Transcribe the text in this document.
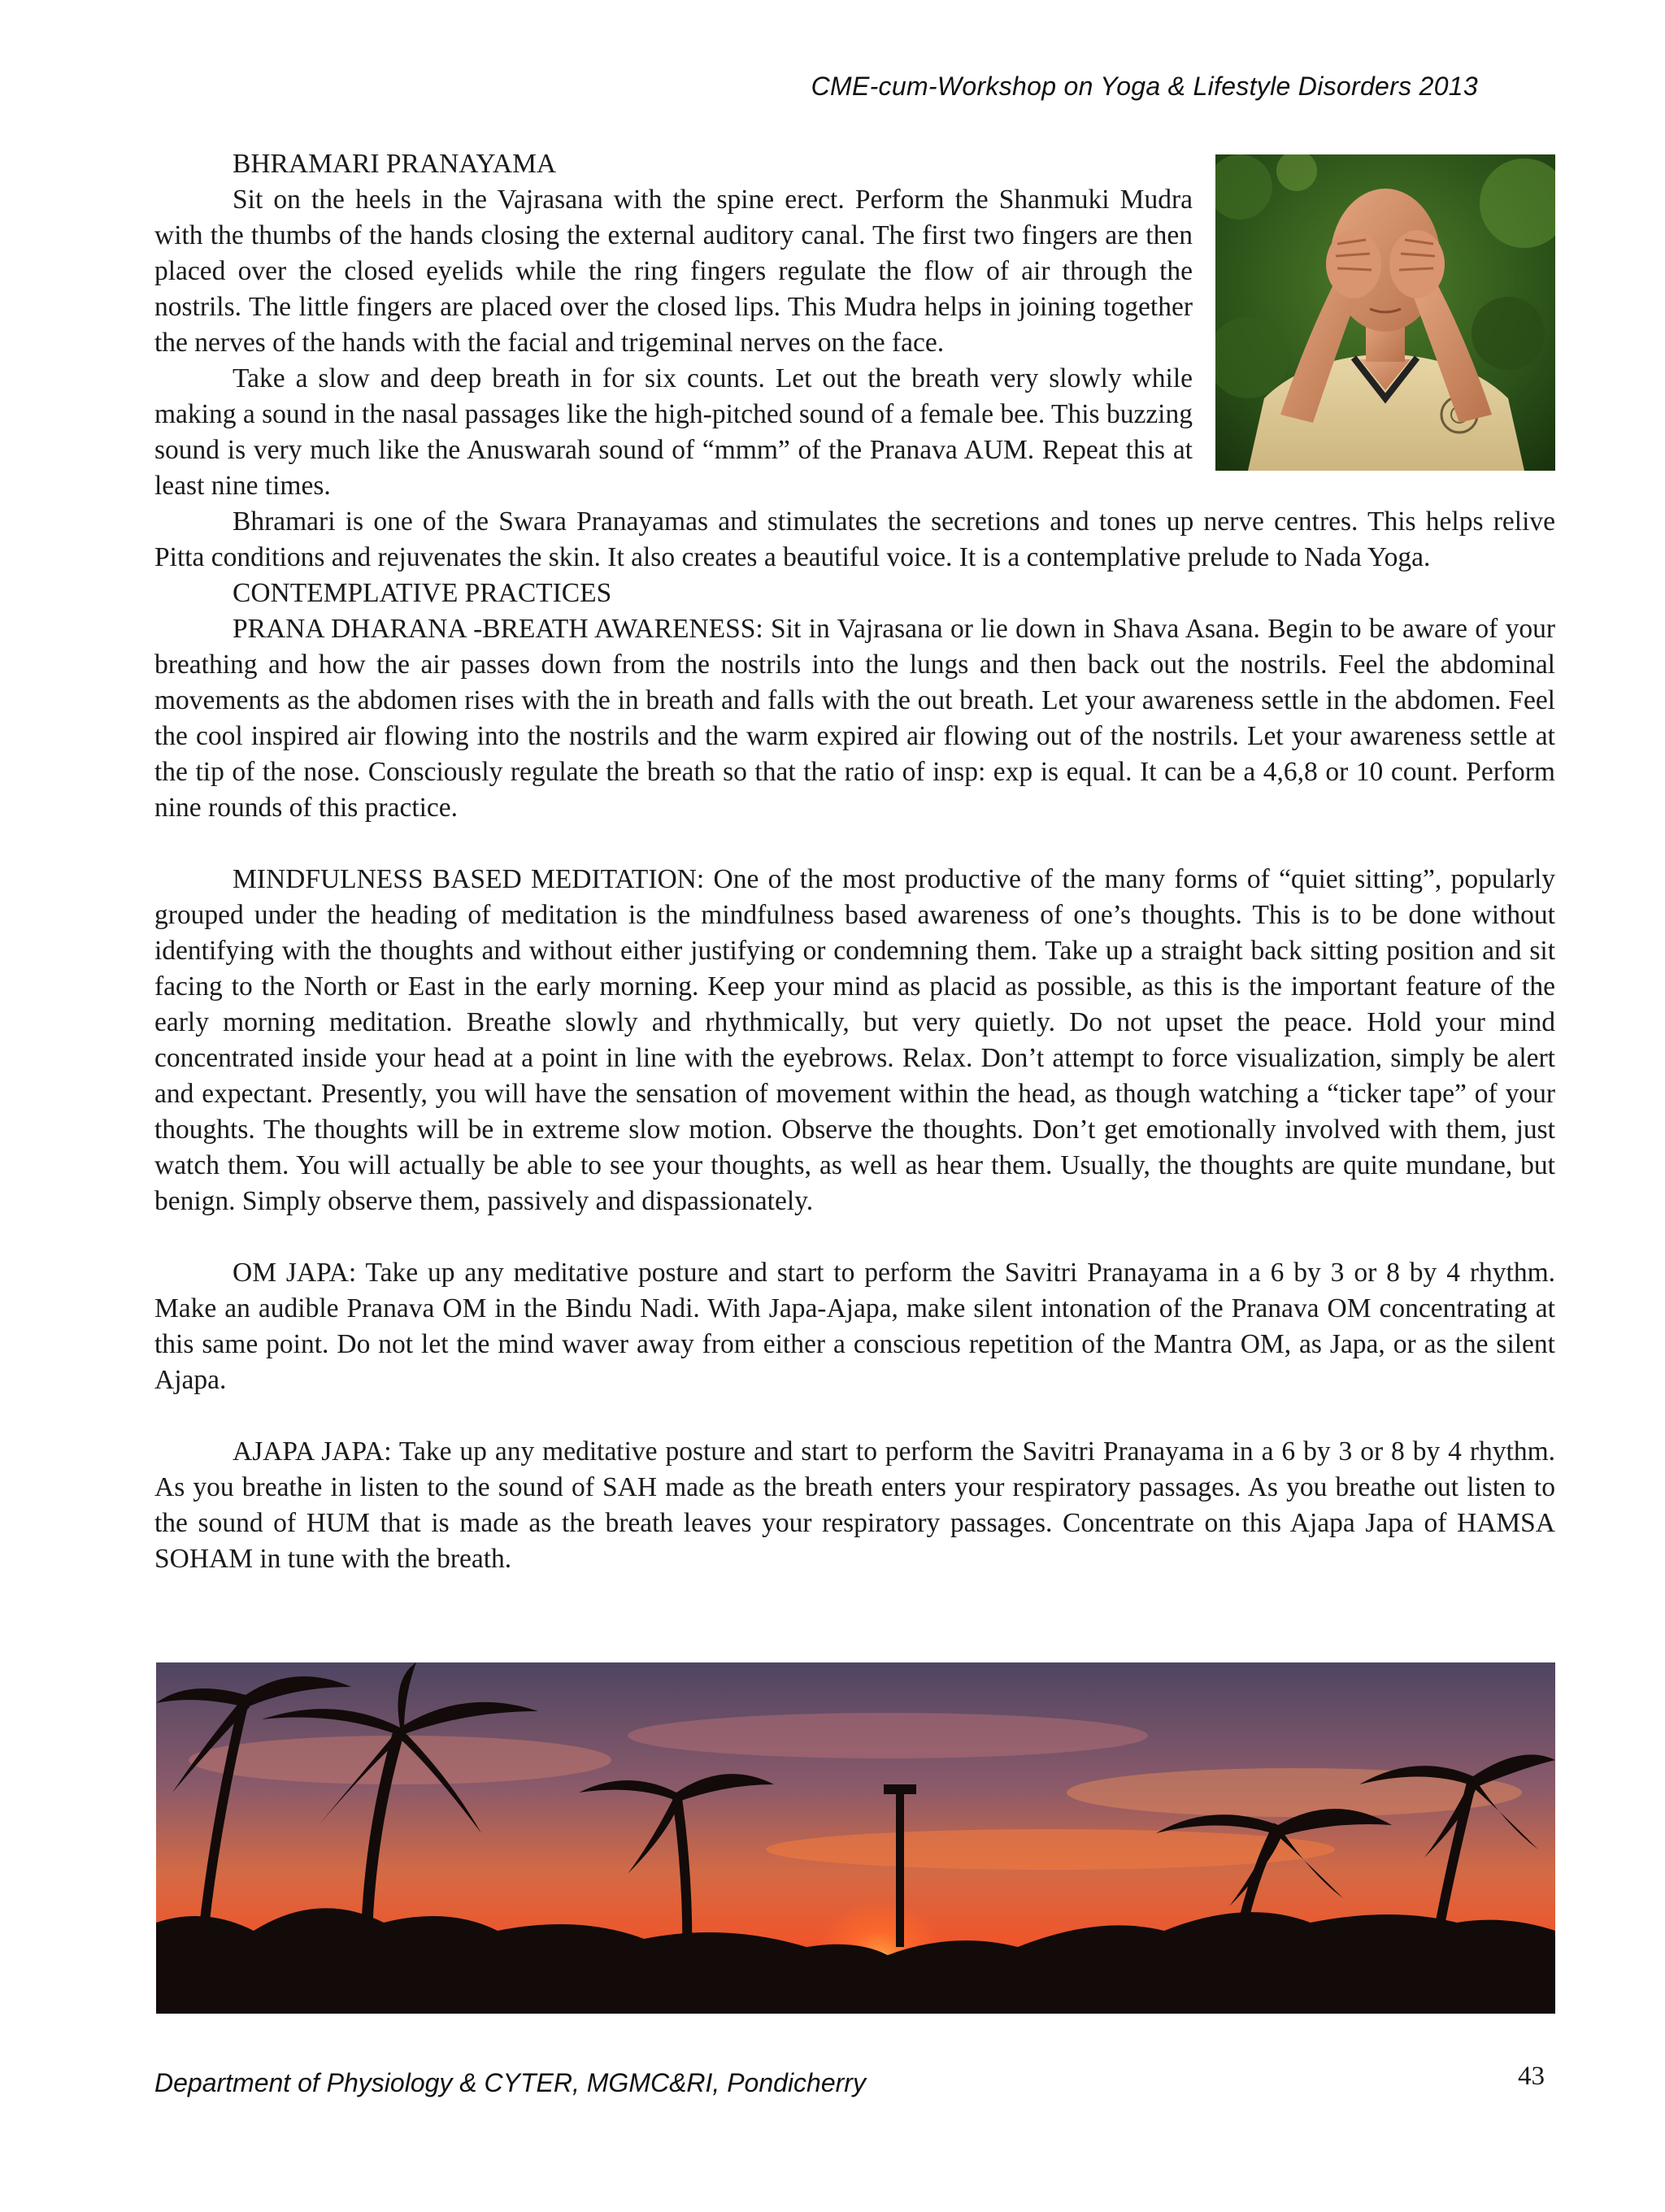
CME-cum-Workshop on Yoga & Lifestyle Disorders 2013

BHRAMARI PRANAYAMA

Sit on the heels in the Vajrasana with the spine erect. Perform the Shanmuki Mudra with the thumbs of the hands closing the external auditory canal. The first two fingers are then placed over the closed eyelids while the ring fingers regulate the flow of air through the nostrils. The little fingers are placed over the closed lips. This Mudra helps in joining together the nerves of the hands with the facial and trigeminal nerves on the face.

Take a slow and deep breath in for six counts. Let out the breath very slowly while making a sound in the nasal passages like the high-pitched sound of a female bee. This buzzing sound is very much like the Anuswarah sound of “mmm” of the Pranava AUM. Repeat this at least nine times.

Bhramari is one of the Swara Pranayamas and stimulates the secretions and tones up nerve centres. This helps relive Pitta conditions and rejuvenates the skin. It also creates a beautiful voice. It is a contemplative prelude to Nada Yoga.

CONTEMPLATIVE PRACTICES

PRANA DHARANA -BREATH AWARENESS: Sit in Vajrasana or lie down in Shava Asana. Begin to be aware of your breathing and how the air passes down from the nostrils into the lungs and then back out the nostrils. Feel the abdominal movements as the abdomen rises with the in breath and falls with the out breath. Let your awareness settle in the abdomen. Feel the cool inspired air flowing into the nostrils and the warm expired air flowing out of the nostrils. Let your awareness settle at the tip of the nose. Consciously regulate the breath so that the ratio of insp: exp is equal. It can be a 4,6,8 or 10 count. Perform nine rounds of this practice.

MINDFULNESS BASED MEDITATION: One of the most productive of the many forms of “quiet sitting”, popularly grouped under the heading of meditation is the mindfulness based awareness of one’s thoughts. This is to be done without identifying with the thoughts and without either justifying or condemning them. Take up a straight back sitting position and sit facing to the North or East in the early morning. Keep your mind as placid as possible, as this is the important feature of the early morning meditation. Breathe slowly and rhythmically, but very quietly. Do not upset the peace. Hold your mind concentrated inside your head at a point in line with the eyebrows. Relax. Don’t attempt to force visualization, simply be alert and expectant. Presently, you will have the sensation of movement within the head, as though watching a “ticker tape” of your thoughts. The thoughts will be in extreme slow motion. Observe the thoughts. Don’t get emotionally involved with them, just watch them. You will actually be able to see your thoughts, as well as hear them. Usually, the thoughts are quite mundane, but benign. Simply observe them, passively and dispassionately.

OM JAPA: Take up any meditative posture and start to perform the Savitri Pranayama in a 6 by 3 or 8 by 4 rhythm. Make an audible Pranava OM in the Bindu Nadi. With Japa-Ajapa, make silent intonation of the Pranava OM concentrating at this same point. Do not let the mind waver away from either a conscious repetition of the Mantra OM, as Japa, or as the silent Ajapa.

AJAPA JAPA: Take up any meditative posture and start to perform the Savitri Pranayama in a 6 by 3 or 8 by 4 rhythm. As you breathe in listen to the sound of SAH made as the breath enters your respiratory passages. As you breathe out listen to the sound of HUM that is made as the breath leaves your respiratory passages. Concentrate on this Ajapa Japa of HAMSA SOHAM in tune with the breath.

Department of Physiology & CYTER, MGMC&RI, Pondicherry	43
